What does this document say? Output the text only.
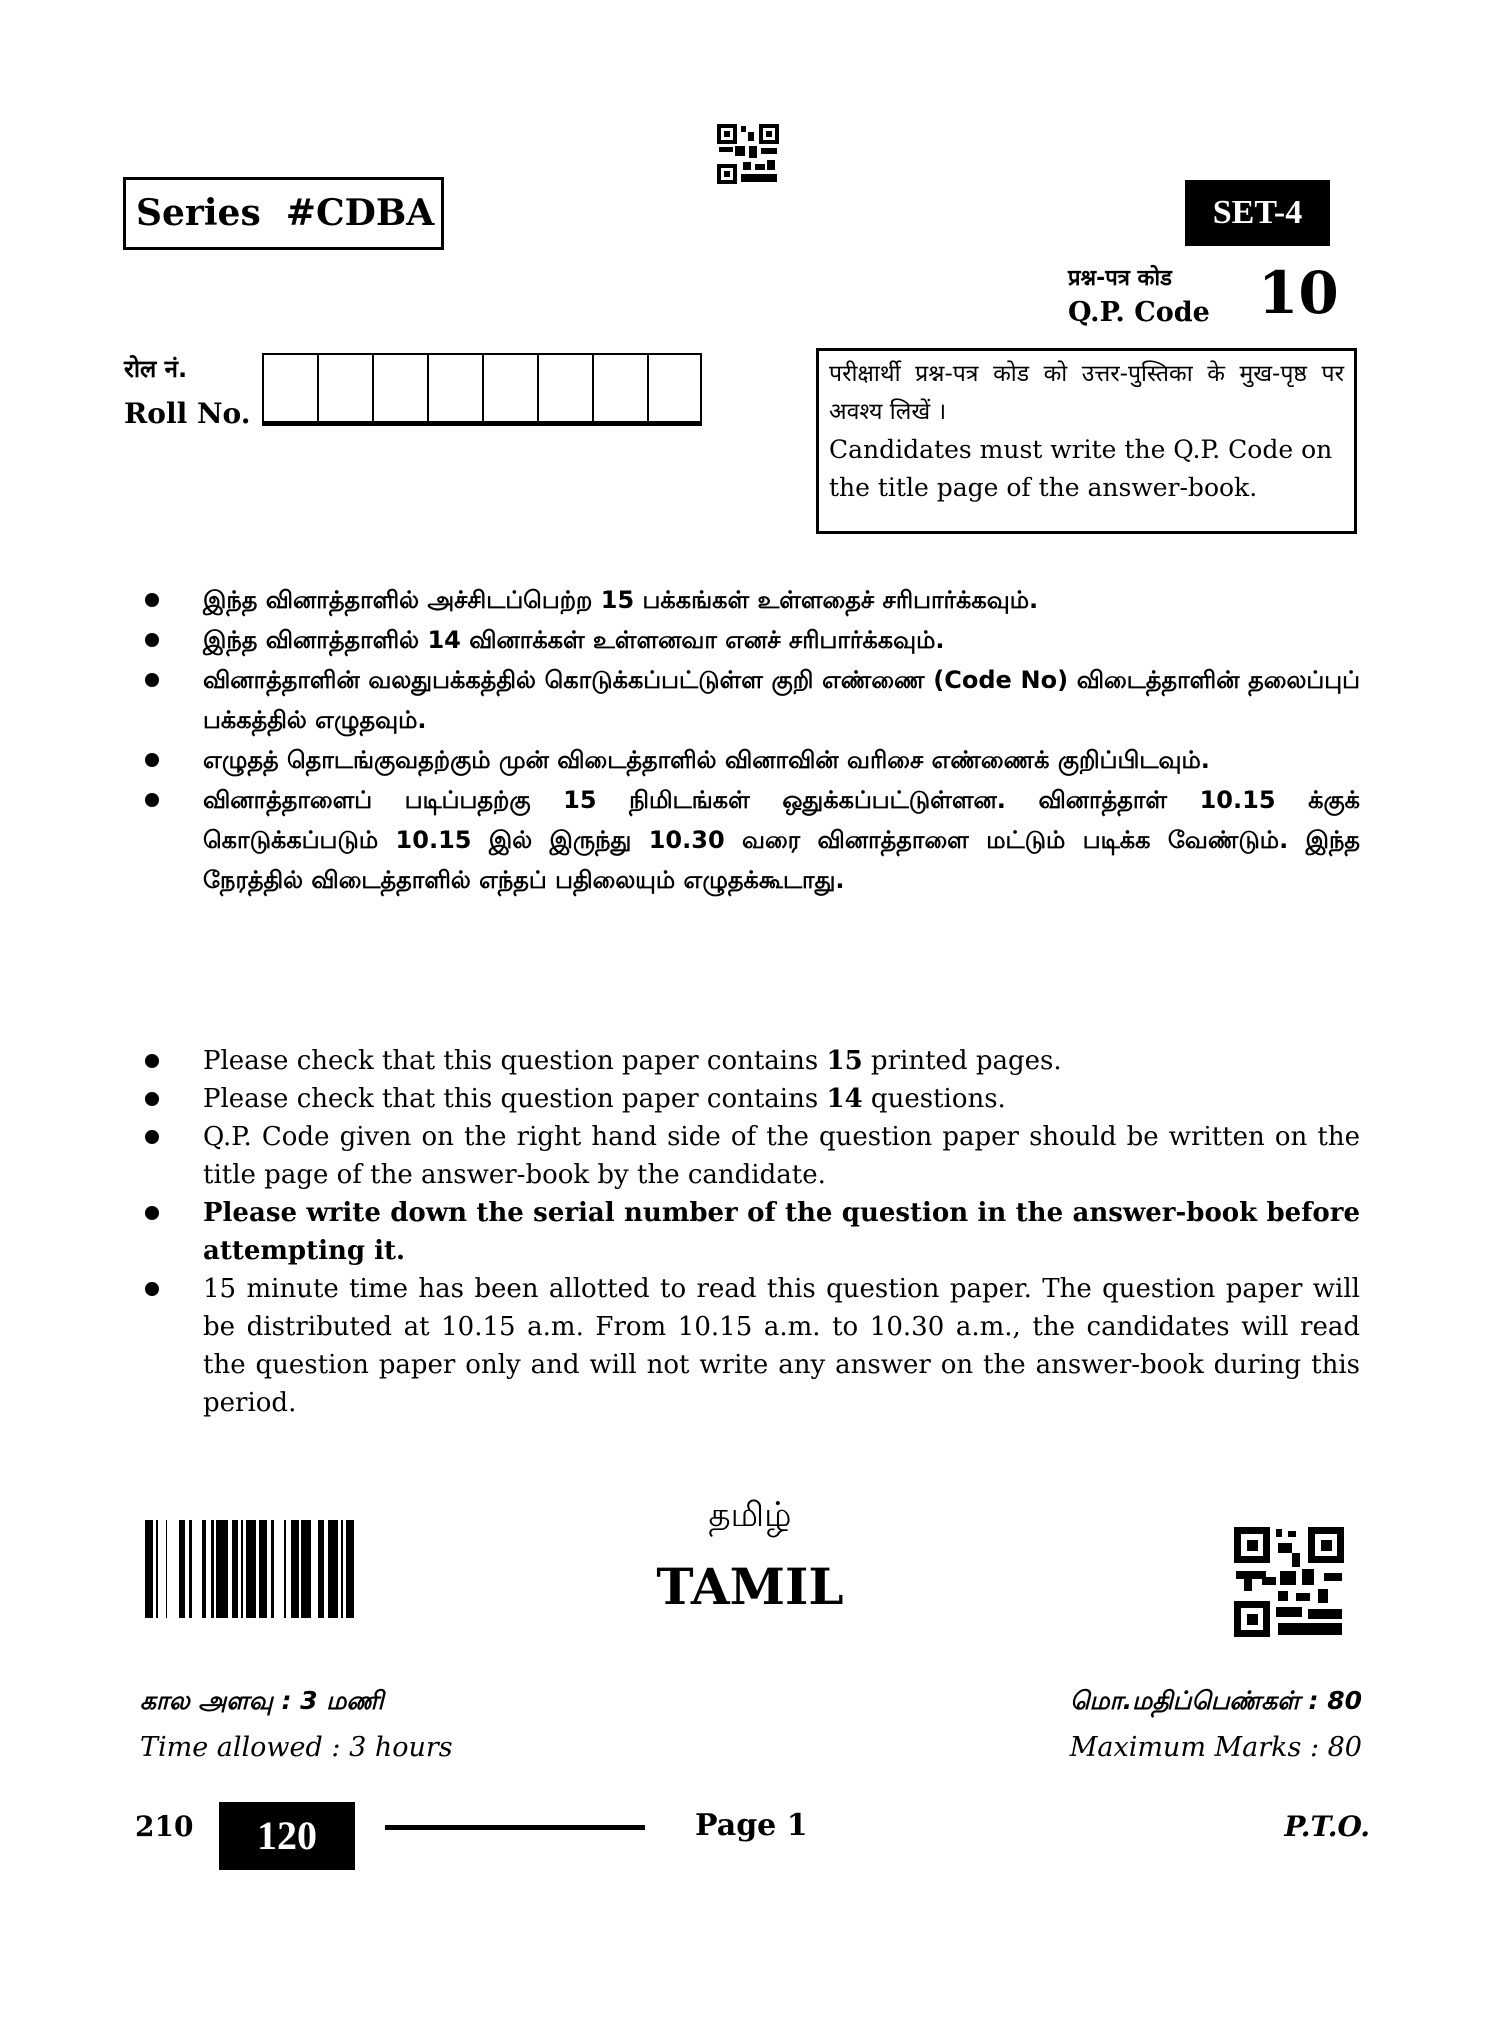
Series  #CDBA	SET-4
प्रश्न-पत्र कोड
Q.P. Code 10
रोल नं.
Roll No.
परीक्षार्थी प्रश्न-पत्र कोड को उत्तर-पुस्तिका के मुख-पृष्ठ पर अवश्य लिखें ।
Candidates must write the Q.P. Code on the title page of the answer-book.
இந்த வினாத்தாளில் அச்சிடப்பெற்ற 15 பக்கங்கள் உள்ளதைச் சரிபார்க்கவும்.
இந்த வினாத்தாளில் 14 வினாக்கள் உள்ளனவா எனச் சரிபார்க்கவும்.
வினாத்தாளின் வலதுபக்கத்தில் கொடுக்கப்பட்டுள்ள குறி எண்ணை (Code No) விடைத்தாளின் தலைப்புப் பக்கத்தில் எழுதவும்.
எழுதத் தொடங்குவதற்கும் முன் விடைத்தாளில் வினாவின் வரிசை எண்ணைக் குறிப்பிடவும்.
வினாத்தாளைப் படிப்பதற்கு 15 நிமிடங்கள் ஒதுக்கப்பட்டுள்ளன. வினாத்தாள் 10.15 க்குக் கொடுக்கப்படும் 10.15 இல் இருந்து 10.30 வரை வினாத்தாளை மட்டும் படிக்க வேண்டும். இந்த நேரத்தில் விடைத்தாளில் எந்தப் பதிலையும் எழுதக்கூடாது.
Please check that this question paper contains 15 printed pages.
Please check that this question paper contains 14 questions.
Q.P. Code given on the right hand side of the question paper should be written on the title page of the answer-book by the candidate.
Please write down the serial number of the question in the answer-book before attempting it.
15 minute time has been allotted to read this question paper. The question paper will be distributed at 10.15 a.m. From 10.15 a.m. to 10.30 a.m., the candidates will read the question paper only and will not write any answer on the answer-book during this period.
தமிழ்
TAMIL
கால அளவு : 3 மணி
Time allowed : 3 hours
மொ.மதிப்பெண்கள் : 80
Maximum Marks : 80
210	120	Page 1	P.T.O.
